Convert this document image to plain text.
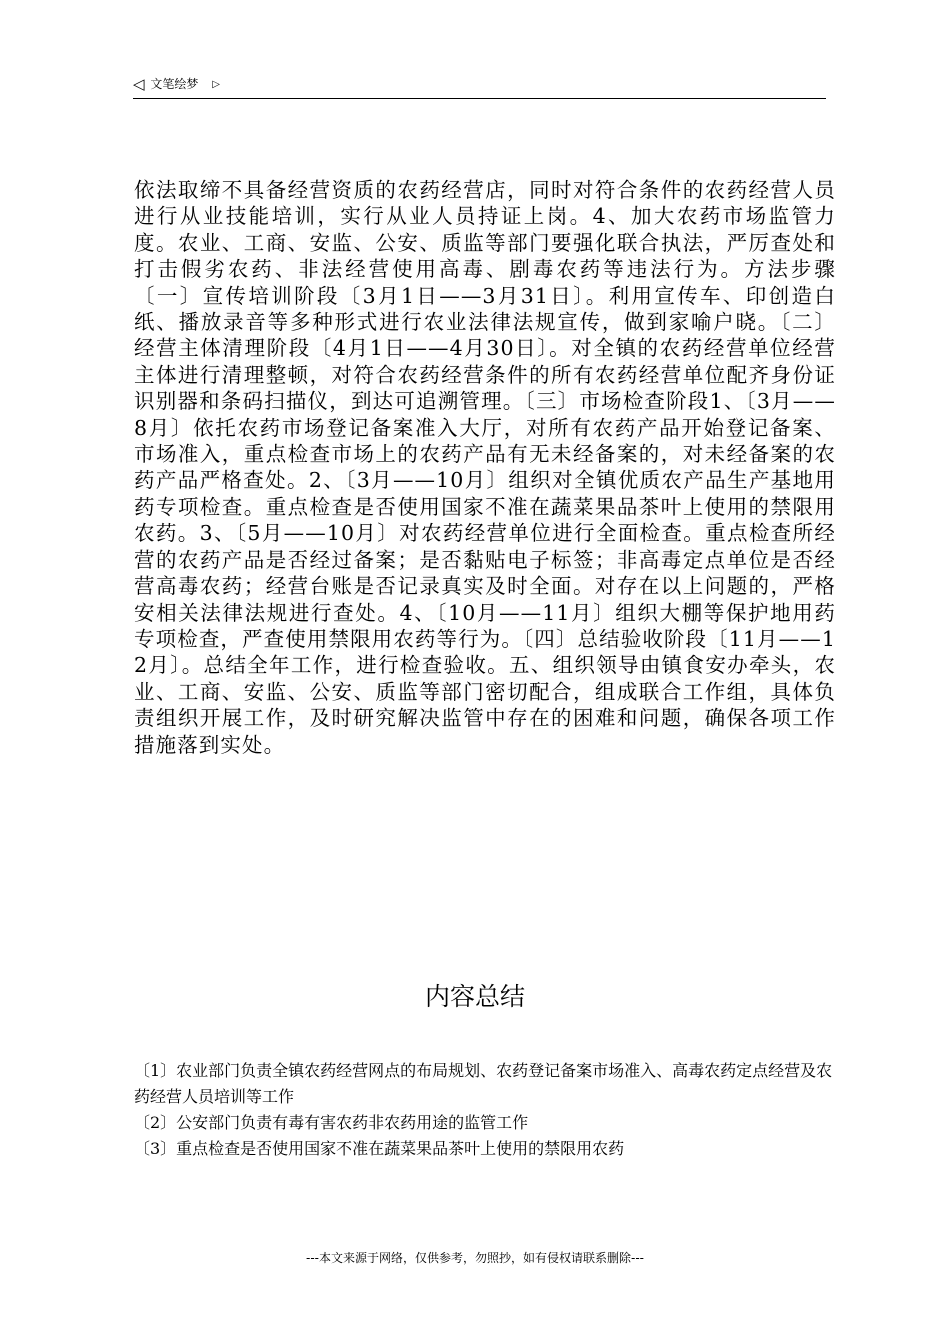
◁ 文笔绘梦 ▷

依法取缔不具备经营资质的农药经营店，同时对符合条件的农药经营人员进行从业技能培训，实行从业人员持证上岗。4、加大农药市场监管力度。农业、工商、安监、公安、质监等部门要强化联合执法，严厉查处和打击假劣农药、非法经营使用高毒、剧毒农药等违法行为。方法步骤〔一〕宣传培训阶段〔3月1日——3月31日〕。利用宣传车、印创造白纸、播放录音等多种形式进行农业法律法规宣传，做到家喻户晓。〔二〕经营主体清理阶段〔4月1日——4月30日〕。对全镇的农药经营单位经营主体进行清理整顿，对符合农药经营条件的所有农药经营单位配齐身份证识别器和条码扫描仪，到达可追溯管理。〔三〕市场检查阶段1、〔3月——8月〕依托农药市场登记备案准入大厅，对所有农药产品开始登记备案、市场准入，重点检查市场上的农药产品有无未经备案的，对未经备案的农药产品严格查处。2、〔3月——10月〕组织对全镇优质农产品生产基地用药专项检查。重点检查是否使用国家不准在蔬菜果品茶叶上使用的禁限用农药。3、〔5月——10月〕对农药经营单位进行全面检查。重点检查所经营的农药产品是否经过备案；是否黏贴电子标签；非高毒定点单位是否经营高毒农药；经营台账是否记录真实及时全面。对存在以上问题的，严格安相关法律法规进行查处。4、〔10月——11月〕组织大棚等保护地用药专项检查，严查使用禁限用农药等行为。〔四〕总结验收阶段〔11月——12月〕。总结全年工作，进行检查验收。五、组织领导由镇食安办牵头，农业、工商、安监、公安、质监等部门密切配合，组成联合工作组，具体负责组织开展工作，及时研究解决监管中存在的困难和问题，确保各项工作措施落到实处。

内容总结
〔1〕农业部门负责全镇农药经营网点的布局规划、农药登记备案市场准入、高毒农药定点经营及农药经营人员培训等工作
〔2〕公安部门负责有毒有害农药非农药用途的监管工作
〔3〕重点检查是否使用国家不准在蔬菜果品茶叶上使用的禁限用农药
---本文来源于网络，仅供参考，勿照抄，如有侵权请联系删除---
